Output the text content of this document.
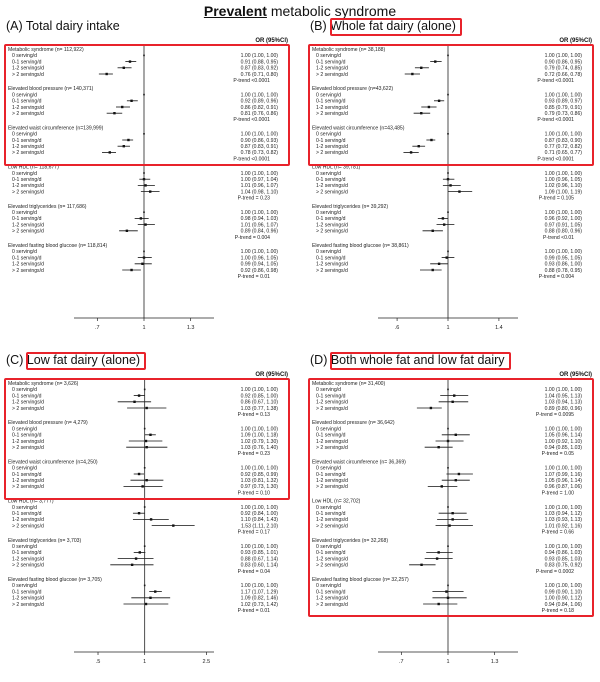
Prevalent metabolic syndrome
(A) Total dairy intake
OR (95%CI)
Metabolic syndrome (n= 112,922)
0 serving/d	1.00 (1.00, 1.00)
0-1 serving/d	0.91 (0.88, 0.95)
1-2 servings/d	0.87 (0.83, 0.92)
> 2 servings/d	0.76 (0.71, 0.80)
P-trend <0.0001
Elevated blood pressure (n= 140,371)
0 serving/d	1.00 (1.00, 1.00)
0-1 serving/d	0.92 (0.89, 0.96)
1-2 servings/d	0.86 (0.82, 0.91)
> 2 servings/d	0.81 (0.76, 0.86)
P-trend <0.0001
Elevated waist circumference (n=139,999)
0 serving/d	1.00 (1.00, 1.00)
0-1 serving/d	0.90 (0.86, 0.93)
1-2 servings/d	0.87 (0.83, 0.91)
> 2 servings/d	0.78 (0.73, 0.82)
P-trend <0.0001
Low HDL (n= 118,677)
0 serving/d	1.00 (1.00, 1.00)
0-1 serving/d	1.00 (0.97, 1.04)
1-2 servings/d	1.01 (0.96, 1.07)
> 2 servings/d	1.04 (0.98, 1.10)
P-trend = 0.23
Elevated triglycerides (n= 117,686)
0 serving/d	1.00 (1.00, 1.00)
0-1 serving/d	0.98 (0.94, 1.03)
1-2 servings/d	1.01 (0.96, 1.07)
> 2 servings/d	0.89 (0.84, 0.96)
P-trend = 0.004
Elevated fasting blood glucose (n= 118,814)
0 serving/d	1.00 (1.00, 1.00)
0-1 serving/d	1.00 (0.96, 1.05)
1-2 servings/d	0.99 (0.94, 1.05)
> 2 servings/d	0.92 (0.86, 0.98)
P-trend = 0.01
.7	1	1.3
(B) Whole fat dairy (alone)
OR (95%CI)
Metabolic syndrome (n= 38,188)
0 serving/d	1.00 (1.00, 1.00)
0-1 serving/d	0.90 (0.86, 0.95)
1-2 servings/d	0.79 (0.74, 0.85)
> 2 servings/d	0.72 (0.66, 0.78)
P-trend <0.0001
Elevated blood pressure (n=43,622)
0 serving/d	1.00 (1.00, 1.00)
0-1 serving/d	0.93 (0.89, 0.97)
1-2 servings/d	0.85 (0.79, 0.91)
> 2 servings/d	0.79 (0.73, 0.86)
P-trend <0.0001
Elevated waist circumference (n=43,485)
0 serving/d	1.00 (1.00, 1.00)
0-1 serving/d	0.87 (0.83, 0.90)
1-2 servings/d	0.77 (0.72, 0.82)
> 2 servings/d	0.71 (0.65, 0.77)
P-trend <0.0001
Low HDL (n= 39,781)
0 serving/d	1.00 (1.00, 1.00)
0-1 serving/d	1.00 (0.96, 1.05)
1-2 servings/d	1.02 (0.96, 1.10)
> 2 servings/d	1.09 (1.00, 1.19)
P-trend = 0.105
Elevated triglycerides (n= 39,292)
0 serving/d	1.00 (1.00, 1.00)
0-1 serving/d	0.96 (0.92, 1.00)
1-2 servings/d	0.97 (0.91, 1.05)
> 2 servings/d	0.88 (0.80, 0.96)
P-trend <0.01
Elevated fasting blood glucose (n= 38,861)
0 serving/d	1.00 (1.00, 1.00)
0-1 serving/d	0.99 (0.95, 1.05)
1-2 servings/d	0.93 (0.86, 1.00)
> 2 servings/d	0.88 (0.78, 0.95)
P-trend = 0.004
.6	1	1.4
(C) Low fat dairy (alone)
OR (95%CI)
Metabolic syndrome (n= 3,626)
0 serving/d	1.00 (1.00, 1.00)
0-1 serving/d	0.92 (0.85, 1.00)
1-2 servings/d	0.86 (0.67, 1.10)
> 2 servings/d	1.03 (0.77, 1.38)
P-trend = 0.13
Elevated blood pressure (n= 4,279)
0 serving/d	1.00 (1.00, 1.00)
0-1 serving/d	1.09 (1.00, 1.18)
1-2 servings/d	1.02 (0.79, 1.30)
> 2 servings/d	1.03 (0.76, 1.40)
P-trend = 0.23
Elevated waist circumference (n=4,250)
0 serving/d	1.00 (1.00, 1.00)
0-1 serving/d	0.92 (0.85, 0.99)
1-2 servings/d	1.03 (0.81, 1.32)
> 2 servings/d	0.97 (0.73, 1.30)
P-trend = 0.10
Low HDL (n= 3,777)
0 serving/d	1.00 (1.00, 1.00)
0-1 serving/d	0.92 (0.84, 1.00)
1-2 servings/d	1.10 (0.84, 1.43)
> 2 servings/d	1.53 (1.11, 2.10)
P-trend = 0.17
Elevated triglycerides (n= 3,703)
0 serving/d	1.00 (1.00, 1.00)
0-1 serving/d	0.93 (0.85, 1.01)
1-2 servings/d	0.88 (0.67, 1.14)
> 2 servings/d	0.83 (0.60, 1.14)
P-trend = 0.04
Elevated fasting blood glucose (n= 3,705)
0 serving/d	1.00 (1.00, 1.00)
0-1 serving/d	1.17 (1.07, 1.29)
1-2 servings/d	1.09 (0.82, 1.46)
> 2 servings/d	1.02 (0.73, 1.42)
P-trend = 0.01
.5	1	2.5
(D) Both whole fat and low fat dairy
OR (95%CI)
Metabolic syndrome (n= 31,400)
0 serving/d	1.00 (1.00, 1.00)
0-1 serving/d	1.04 (0.95, 1.13)
1-2 servings/d	1.03 (0.94, 1.13)
> 2 servings/d	0.89 (0.80, 0.96)
P-trend = 0.0095
Elevated blood pressure (n= 36,642)
0 serving/d	1.00 (1.00, 1.00)
0-1 serving/d	1.05 (0.96, 1.14)
1-2 servings/d	1.00 (0.92, 1.10)
> 2 servings/d	0.94 (0.85, 1.03)
P-trend = 0.05
Elevated waist circumference (n= 36,369)
0 serving/d	1.00 (1.00, 1.00)
0-1 serving/d	1.07 (0.99, 1.16)
1-2 servings/d	1.05 (0.96, 1.14)
> 2 servings/d	0.96 (0.87, 1.06)
P-trend = 1.00
Low HDL (n= 32,702)
0 serving/d	1.00 (1.00, 1.00)
0-1 serving/d	1.03 (0.94, 1.12)
1-2 servings/d	1.03 (0.93, 1.13)
> 2 servings/d	1.01 (0.92, 1.16)
P-trend = 0.66
Elevated triglycerides (n= 32,268)
0 serving/d	1.00 (1.00, 1.00)
0-1 serving/d	0.94 (0.86, 1.03)
1-2 servings/d	0.93 (0.85, 1.03)
> 2 servings/d	0.83 (0.75, 0.92)
P-trend = 0.0002
Elevated fasting blood glucose (n= 32,257)
0 serving/d	1.00 (1.00, 1.00)
0-1 serving/d	0.99 (0.90, 1.10)
1-2 servings/d	1.00 (0.90, 1.12)
> 2 servings/d	0.94 (0.84, 1.06)
P-trend = 0.18
.7	1	1.3
